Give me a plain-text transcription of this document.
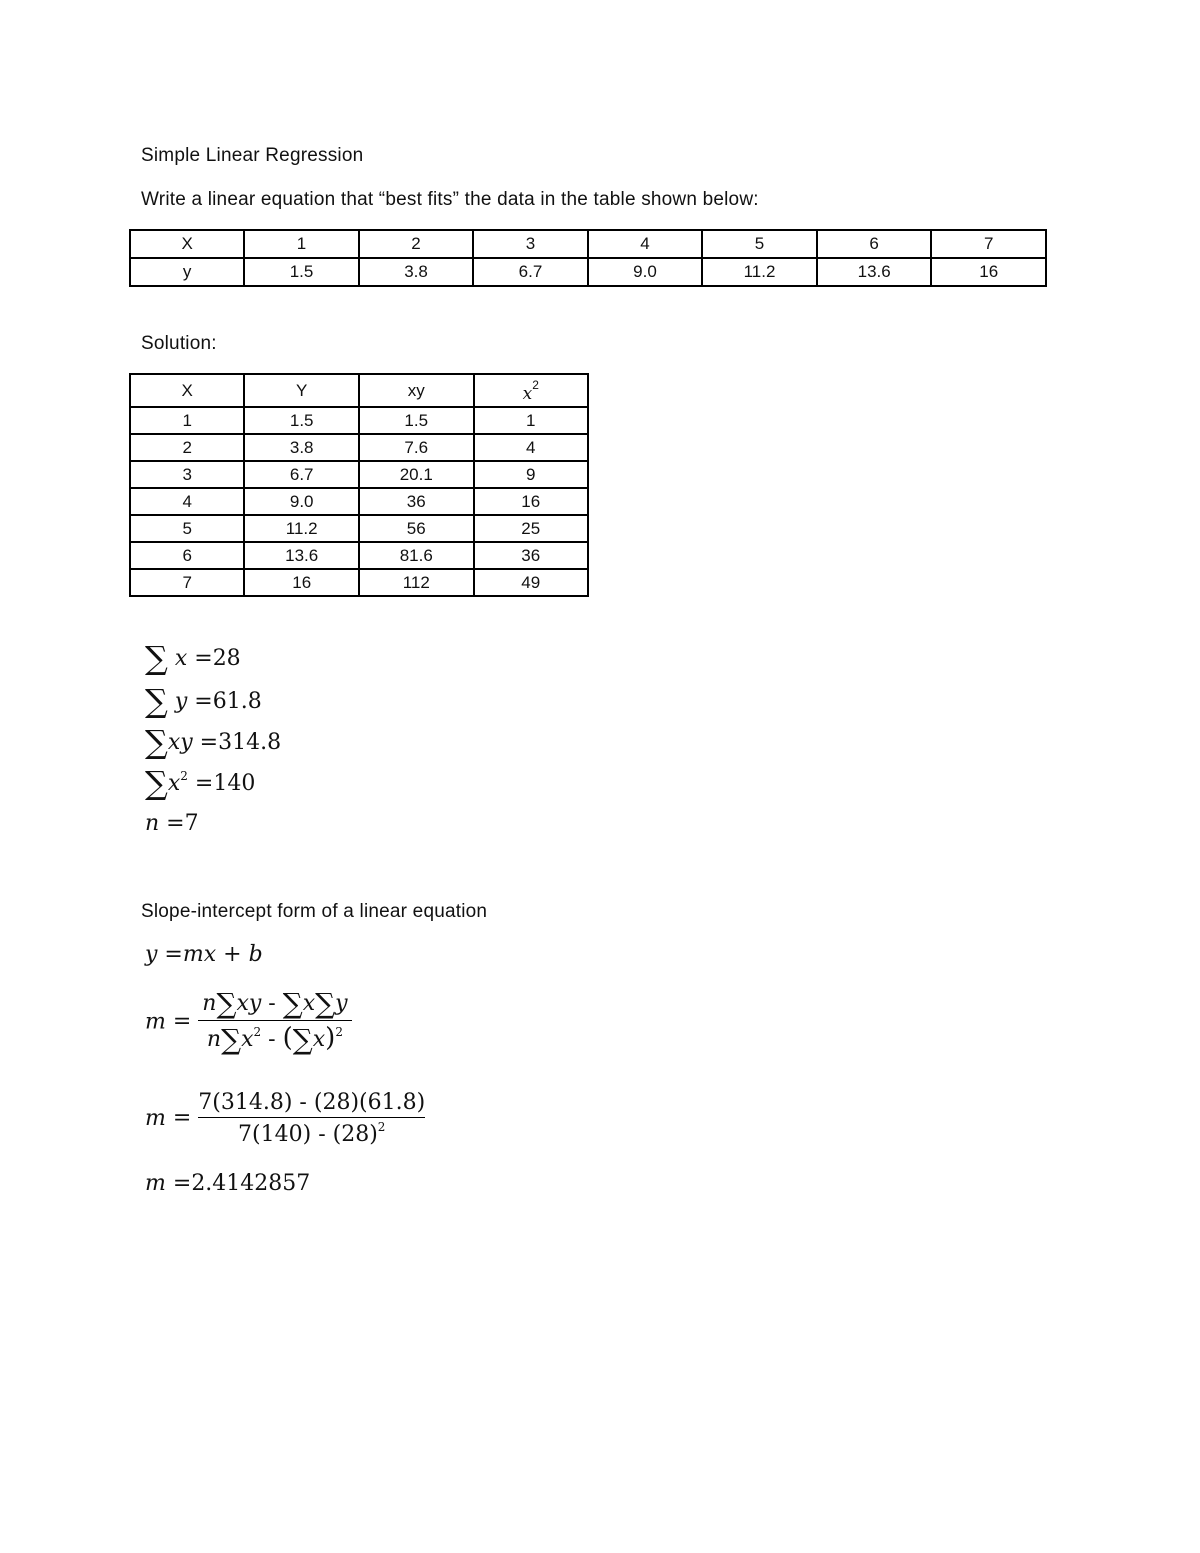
Simple Linear Regression
Write a linear equation that “best fits” the data in the table shown below:
X	1	2	3	4	5	6	7
y	1.5	3.8	6.7	9.0	11.2	13.6	16
Solution:
X	Y	xy	$x^2$
1	1.5	1.5	1
2	3.8	7.6	4
3	6.7	20.1	9
4	9.0	36	16
5	11.2	56	25
6	13.6	81.6	36
7	16	112	49
∑ x =28
∑ y =61.8
∑xy =314.8
$\sum x^2 =140$
n =7
Slope-intercept form of a linear equation
y =mx + b
$m = \frac{n\sum xy - \sum x\sum y}{n\sum x^2 - (\sum x)^2}$
$m = \frac{7(314.8) - (28)(61.8)}{7(140) - (28)^2}$
m =2.4142857
